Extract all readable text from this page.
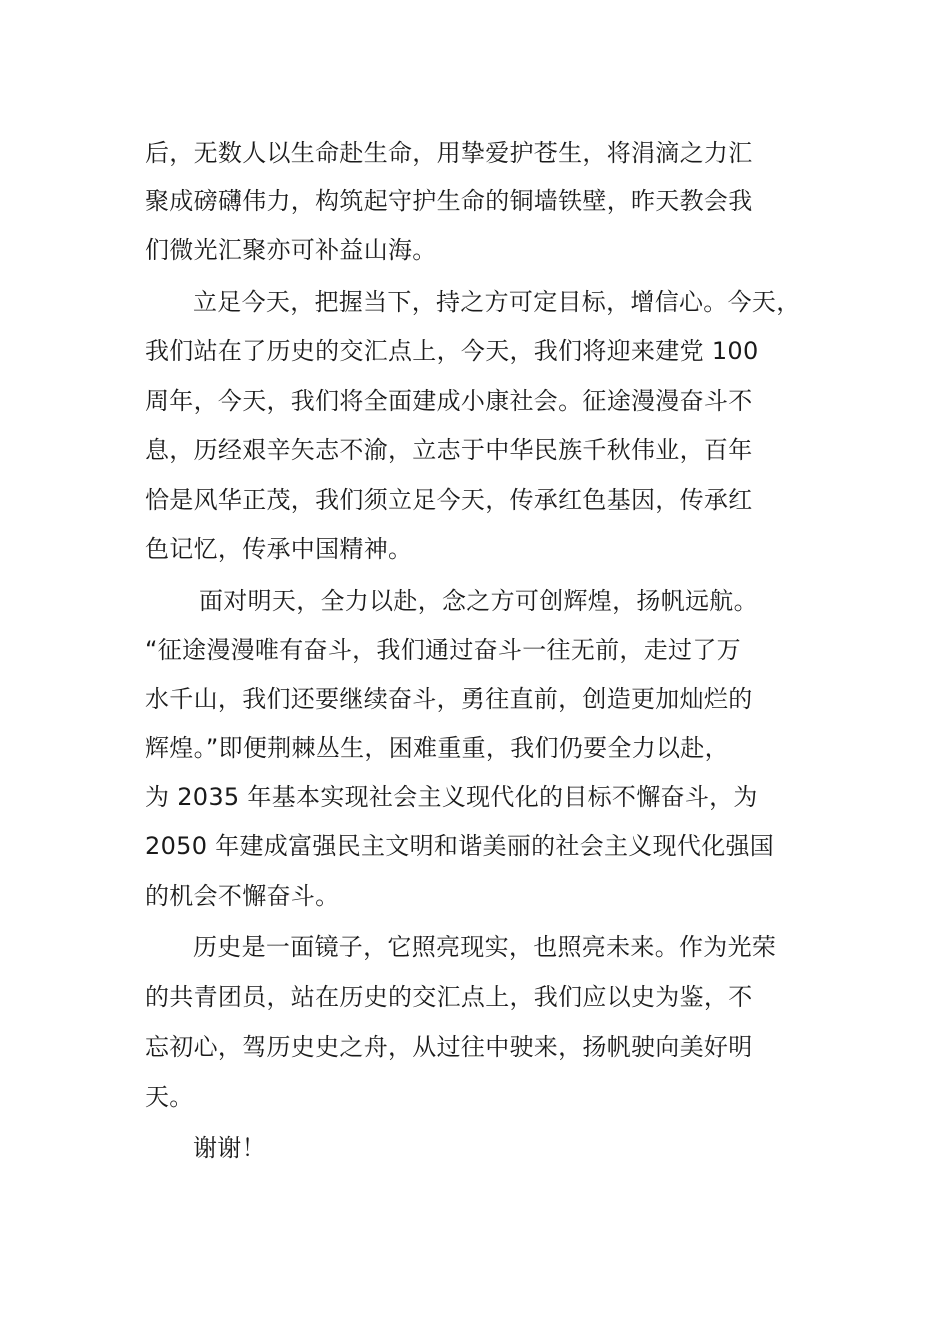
后，无数人以生命赴生命，用挚爱护苍生，将涓滴之力汇
聚成磅礴伟力，构筑起守护生命的铜墙铁壁，昨天教会我
们微光汇聚亦可补益山海。
立足今天，把握当下，持之方可定目标，增信心。今天，
我们站在了历史的交汇点上，今天，我们将迎来建党 100
周年，今天，我们将全面建成小康社会。征途漫漫奋斗不
息，历经艰辛矢志不渝，立志于中华民族千秋伟业，百年
恰是风华正茂，我们须立足今天，传承红色基因，传承红
色记忆，传承中国精神。
面对明天，全力以赴，念之方可创辉煌，扬帆远航。
“征途漫漫唯有奋斗，我们通过奋斗一往无前，走过了万
水千山，我们还要继续奋斗，勇往直前，创造更加灿烂的
辉煌。”即便荆棘丛生，困难重重，我们仍要全力以赴，
为 2035 年基本实现社会主义现代化的目标不懈奋斗，为
2050 年建成富强民主文明和谐美丽的社会主义现代化强国
的机会不懈奋斗。
历史是一面镜子，它照亮现实，也照亮未来。作为光荣
的共青团员，站在历史的交汇点上，我们应以史为鉴，不
忘初心，驾历史史之舟，从过往中驶来，扬帆驶向美好明
天。
谢谢！
